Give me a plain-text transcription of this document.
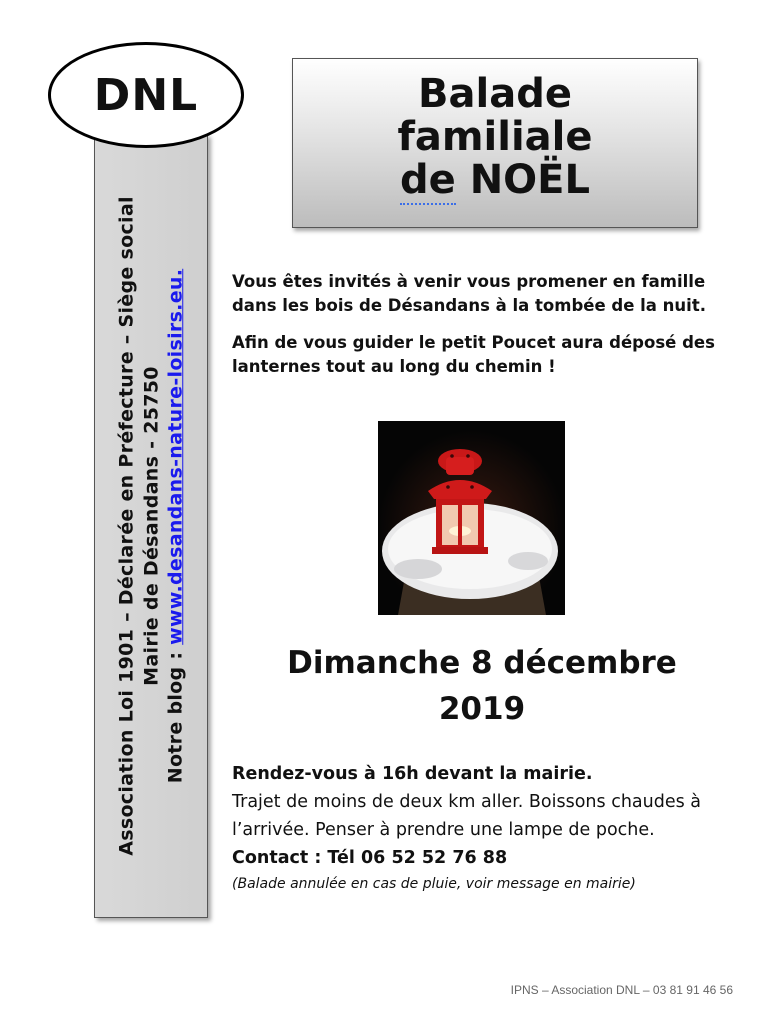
Association Loi 1901 – Déclarée en Préfecture – Siège social Mairie de Désandans - 25750
Notre blog : www.desandans-nature-loisirs.eu.
DNL	Balade
familiale
de NOËL

Vous êtes invités à venir vous promener en famille dans les bois de Désandans à la tombée de la nuit.

Afin de vous guider le petit Poucet aura déposé des lanternes tout au long du chemin !

Dimanche 8 décembre
2019
Rendez-vous à 16h devant la mairie.
Trajet de moins de deux km aller. Boissons chaudes à l’arrivée. Penser à prendre une lampe de poche.
Contact : Tél 06 52 52 76 88
(Balade annulée en cas de pluie, voir message en mairie)
IPNS – Association DNL – 03 81 91 46 56
